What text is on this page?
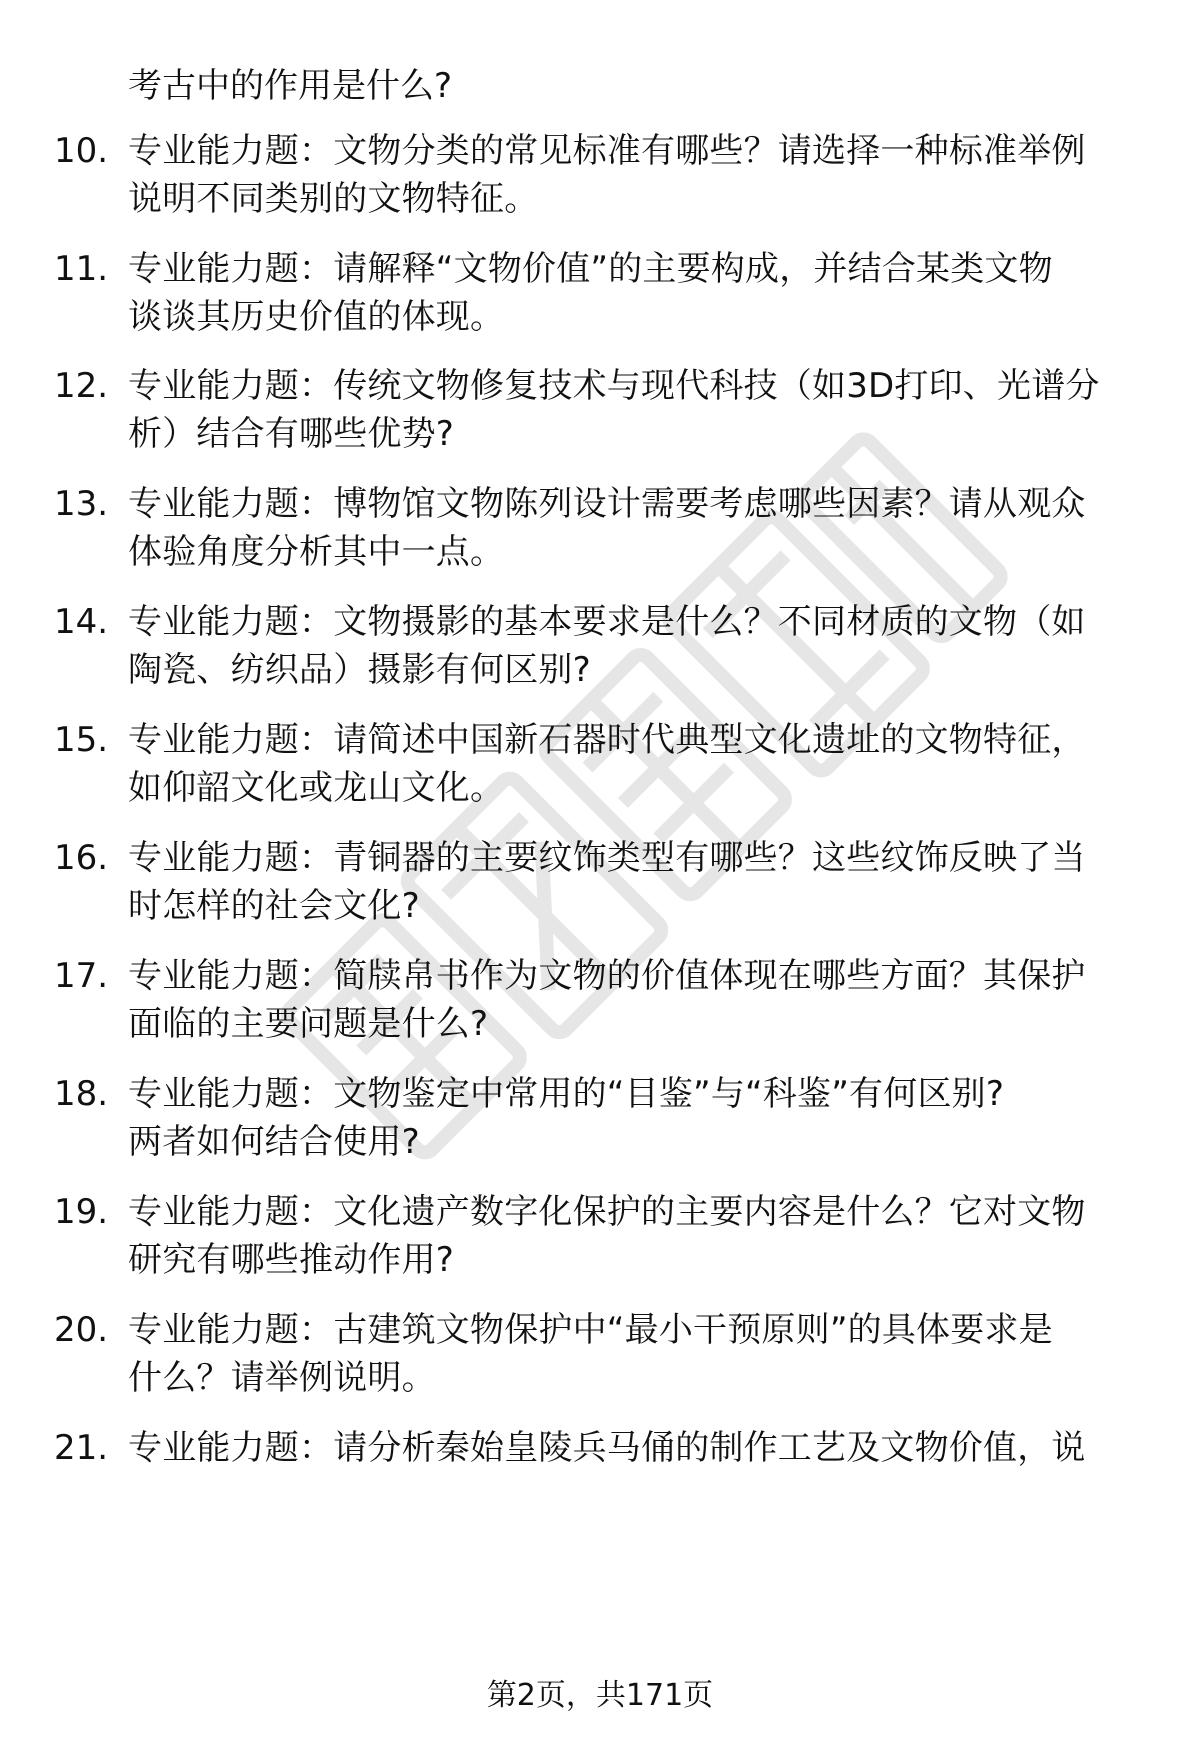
考古中的作用是什么?
10. 专业能力题：文物分类的常见标准有哪些？请选择一种标准举例
说明不同类别的文物特征。
11. 专业能力题：请解释“文物价值”的主要构成，并结合某类文物
谈谈其历史价值的体现。
12. 专业能力题：传统文物修复技术与现代科技（如3D打印、光谱分
析）结合有哪些优势?
13. 专业能力题：博物馆文物陈列设计需要考虑哪些因素？请从观众
体验角度分析其中一点。
14. 专业能力题：文物摄影的基本要求是什么？不同材质的文物（如
陶瓷、纺织品）摄影有何区别?
15. 专业能力题：请简述中国新石器时代典型文化遗址的文物特征，
如仰韶文化或龙山文化。
16. 专业能力题：青铜器的主要纹饰类型有哪些？这些纹饰反映了当
时怎样的社会文化?
17. 专业能力题：简牍帛书作为文物的价值体现在哪些方面？其保护
面临的主要问题是什么?
18. 专业能力题：文物鉴定中常用的“目鉴”与“科鉴”有何区别?
两者如何结合使用?
19. 专业能力题：文化遗产数字化保护的主要内容是什么？它对文物
研究有哪些推动作用?
20. 专业能力题：古建筑文物保护中“最小干预原则”的具体要求是
什么？请举例说明。
21. 专业能力题：请分析秦始皇陵兵马俑的制作工艺及文物价值，说
第2页，共171页
